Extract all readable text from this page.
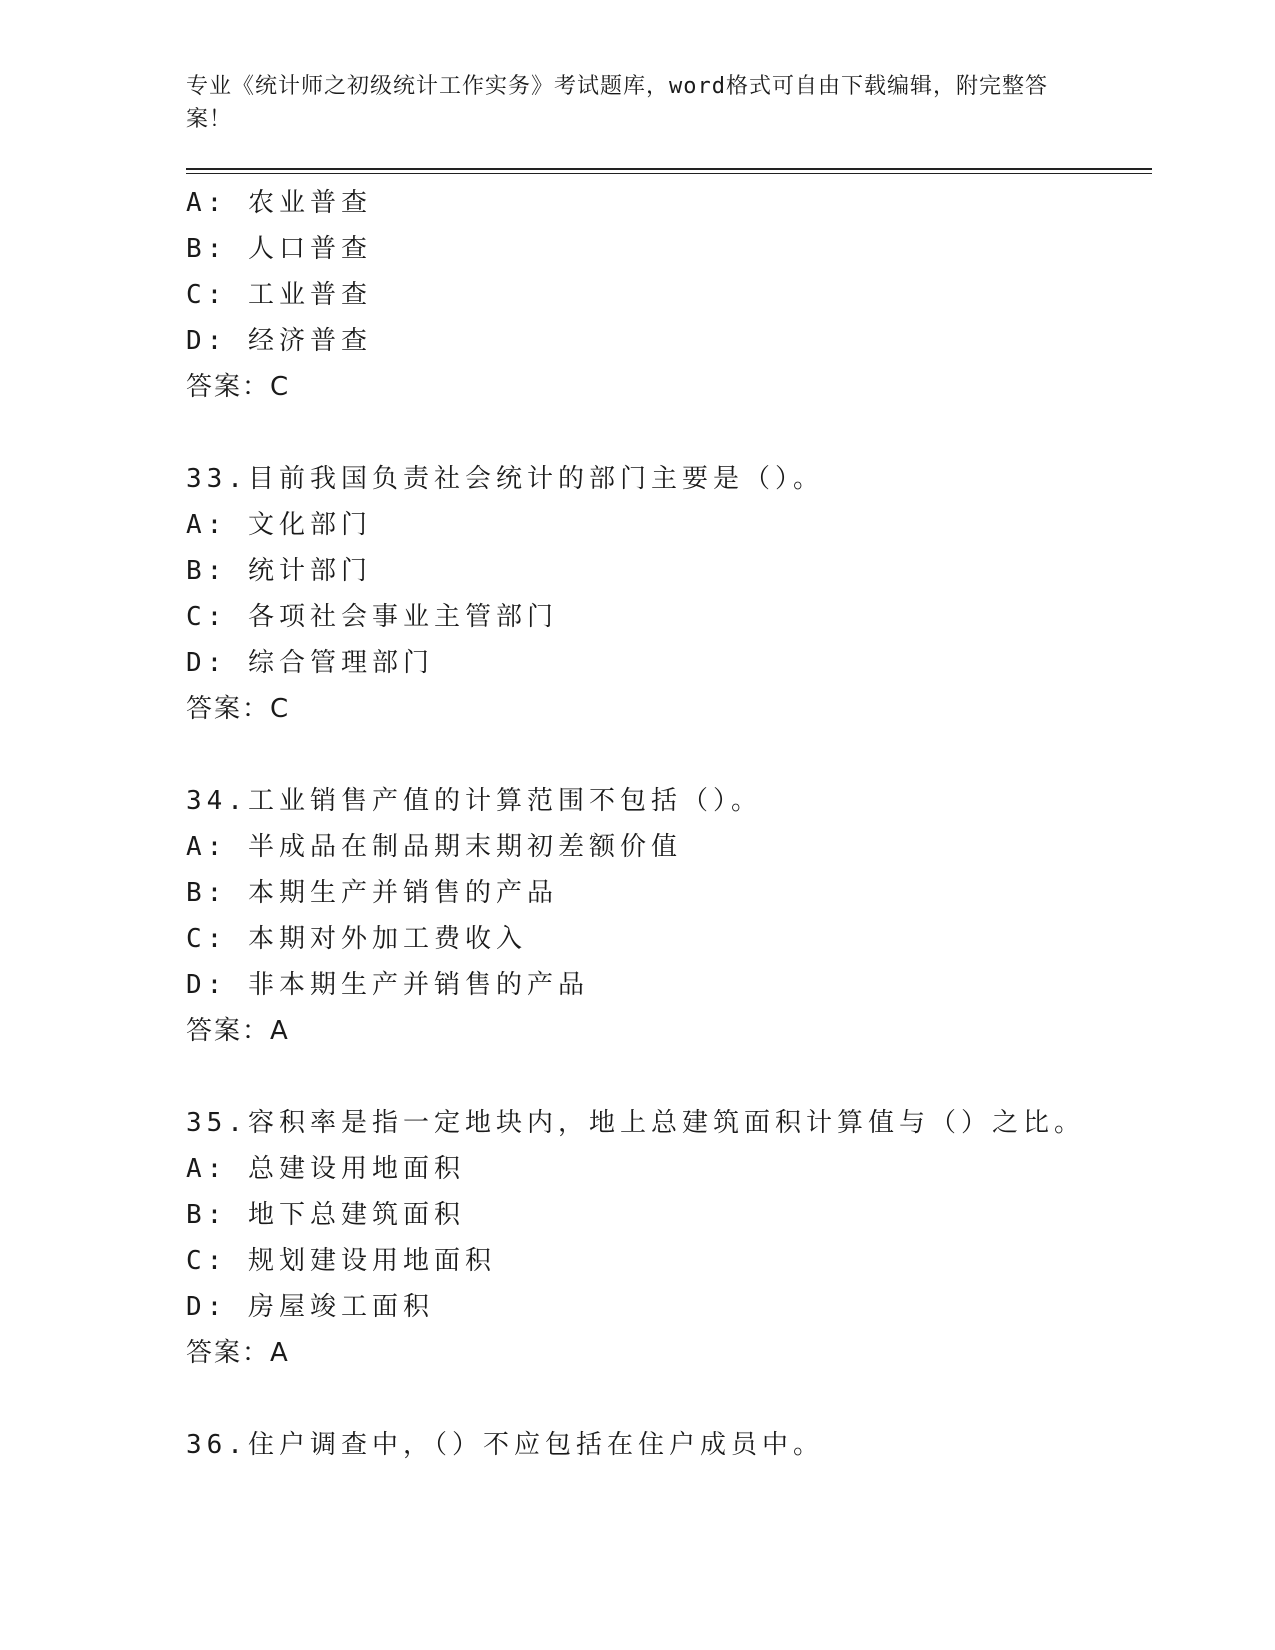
专业《统计师之初级统计工作实务》考试题库，word格式可自由下载编辑，附完整答案！

A: 农业普查
B: 人口普查
C: 工业普查
D: 经济普查
答案：C
33.目前我国负责社会统计的部门主要是（）。
A: 文化部门
B: 统计部门
C: 各项社会事业主管部门
D: 综合管理部门
答案：C
34.工业销售产值的计算范围不包括（）。
A: 半成品在制品期末期初差额价值
B: 本期生产并销售的产品
C: 本期对外加工费收入
D: 非本期生产并销售的产品
答案：A
35.容积率是指一定地块内，地上总建筑面积计算值与（）之比。
A: 总建设用地面积
B: 地下总建筑面积
C: 规划建设用地面积
D: 房屋竣工面积
答案：A
36.住户调查中，（）不应包括在住户成员中。
